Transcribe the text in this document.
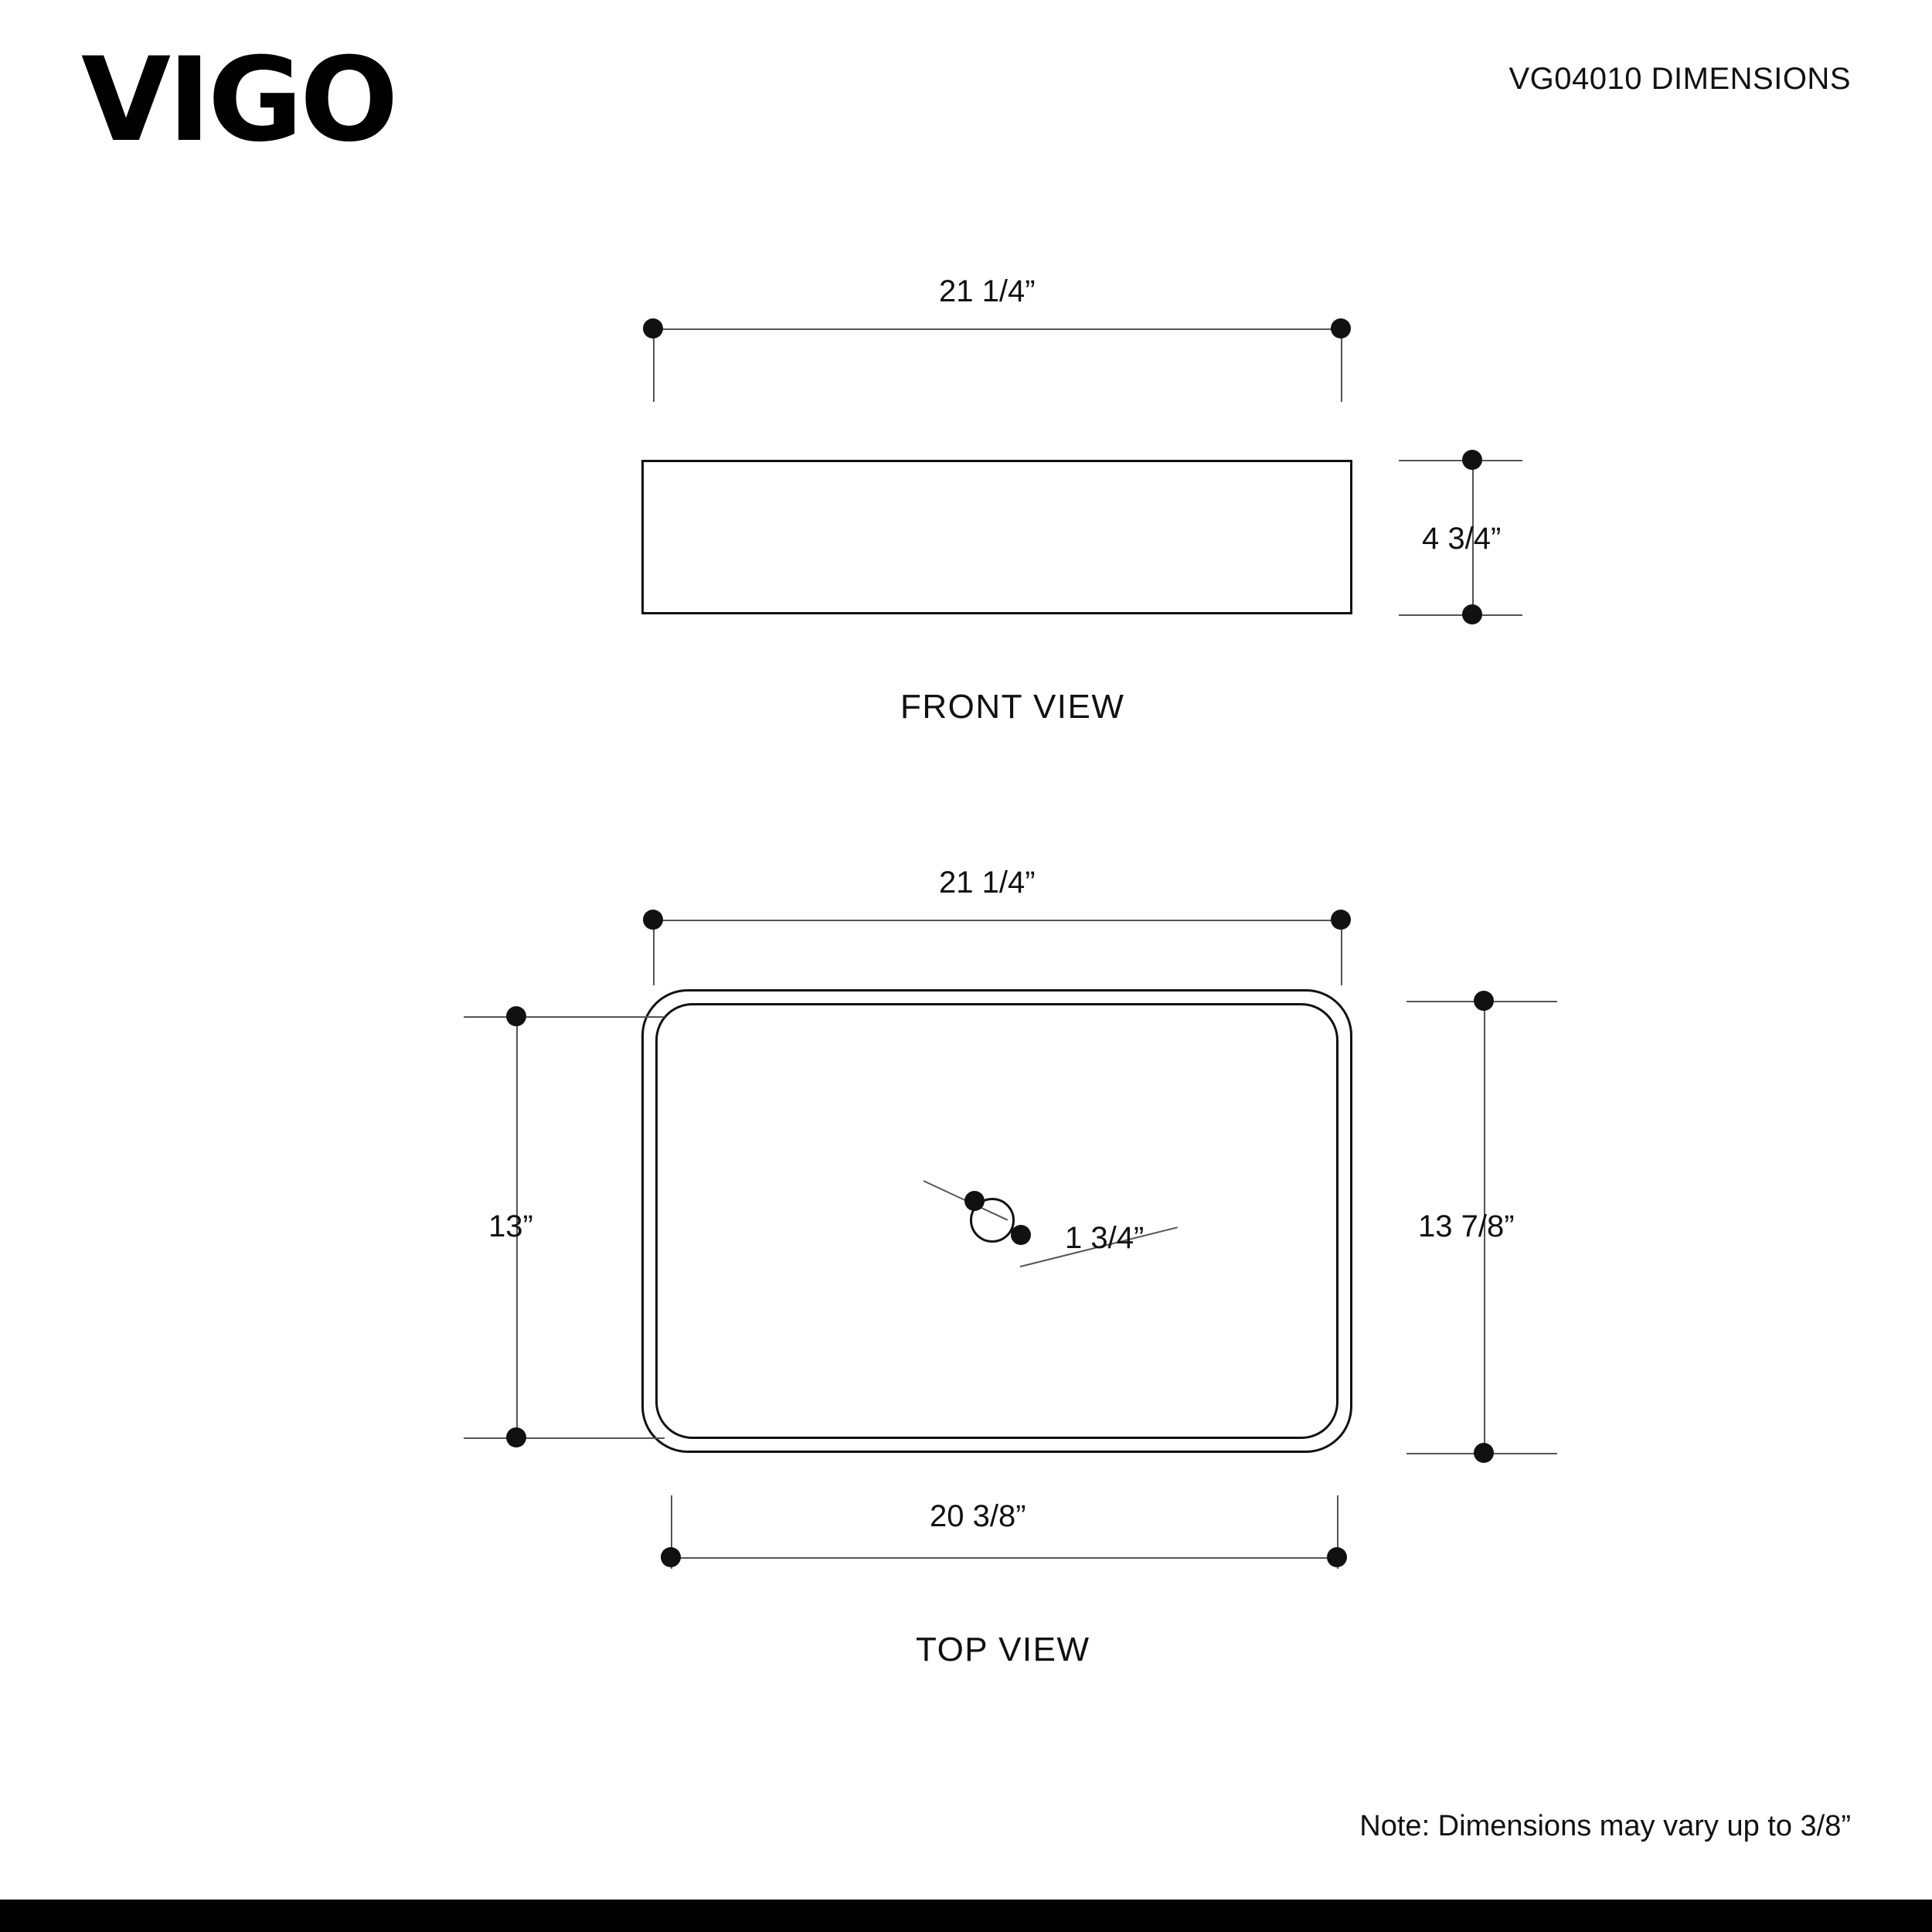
VIGO	VG04010 DIMENSIONS
21 1/4”
4 3/4”
FRONT VIEW
21 1/4”
1 3/4”
13”	13 7/8”
20 3/8”
TOP VIEW
Note: Dimensions may vary up to 3/8”
